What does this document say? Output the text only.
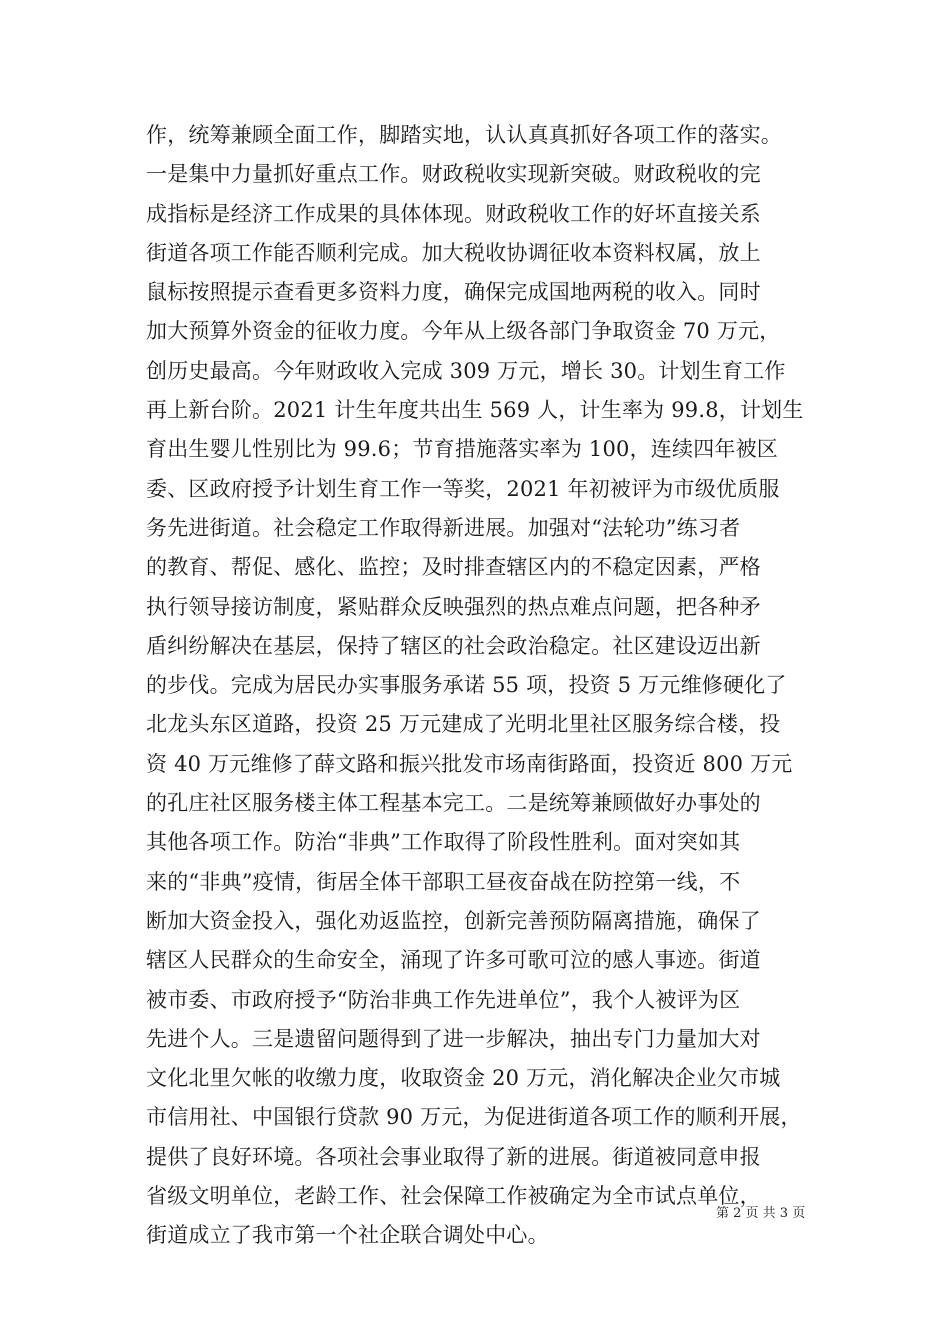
作，统筹兼顾全面工作，脚踏实地，认认真真抓好各项工作的落实。
一是集中力量抓好重点工作。财政税收实现新突破。财政税收的完
成指标是经济工作成果的具体体现。财政税收工作的好坏直接关系
街道各项工作能否顺利完成。加大税收协调征收本资料权属，放上
鼠标按照提示查看更多资料力度，确保完成国地两税的收入。同时
加大预算外资金的征收力度。今年从上级各部门争取资金 70 万元，
创历史最高。今年财政收入完成 309 万元，增长 30。计划生育工作
再上新台阶。2021 计生年度共出生 569 人，计生率为 99.8，计划生
育出生婴儿性别比为 99.6；节育措施落实率为 100，连续四年被区
委、区政府授予计划生育工作一等奖，2021 年初被评为市级优质服
务先进街道。社会稳定工作取得新进展。加强对“法轮功”练习者
的教育、帮促、感化、监控；及时排查辖区内的不稳定因素，严格
执行领导接访制度，紧贴群众反映强烈的热点难点问题，把各种矛
盾纠纷解决在基层，保持了辖区的社会政治稳定。社区建设迈出新
的步伐。完成为居民办实事服务承诺 55 项，投资 5 万元维修硬化了
北龙头东区道路，投资 25 万元建成了光明北里社区服务综合楼，投
资 40 万元维修了薛文路和振兴批发市场南街路面，投资近 800 万元
的孔庄社区服务楼主体工程基本完工。二是统筹兼顾做好办事处的
其他各项工作。防治“非典”工作取得了阶段性胜利。面对突如其
来的“非典”疫情，街居全体干部职工昼夜奋战在防控第一线，不
断加大资金投入，强化劝返监控，创新完善预防隔离措施，确保了
辖区人民群众的生命安全，涌现了许多可歌可泣的感人事迹。街道
被市委、市政府授予“防治非典工作先进单位”，我个人被评为区
先进个人。三是遗留问题得到了进一步解决，抽出专门力量加大对
文化北里欠帐的收缴力度，收取资金 20 万元，消化解决企业欠市城
市信用社、中国银行贷款 90 万元，为促进街道各项工作的顺利开展，
提供了良好环境。各项社会事业取得了新的进展。街道被同意申报
省级文明单位，老龄工作、社会保障工作被确定为全市试点单位，
街道成立了我市第一个社企联合调处中心。
第 2 页 共 3 页
